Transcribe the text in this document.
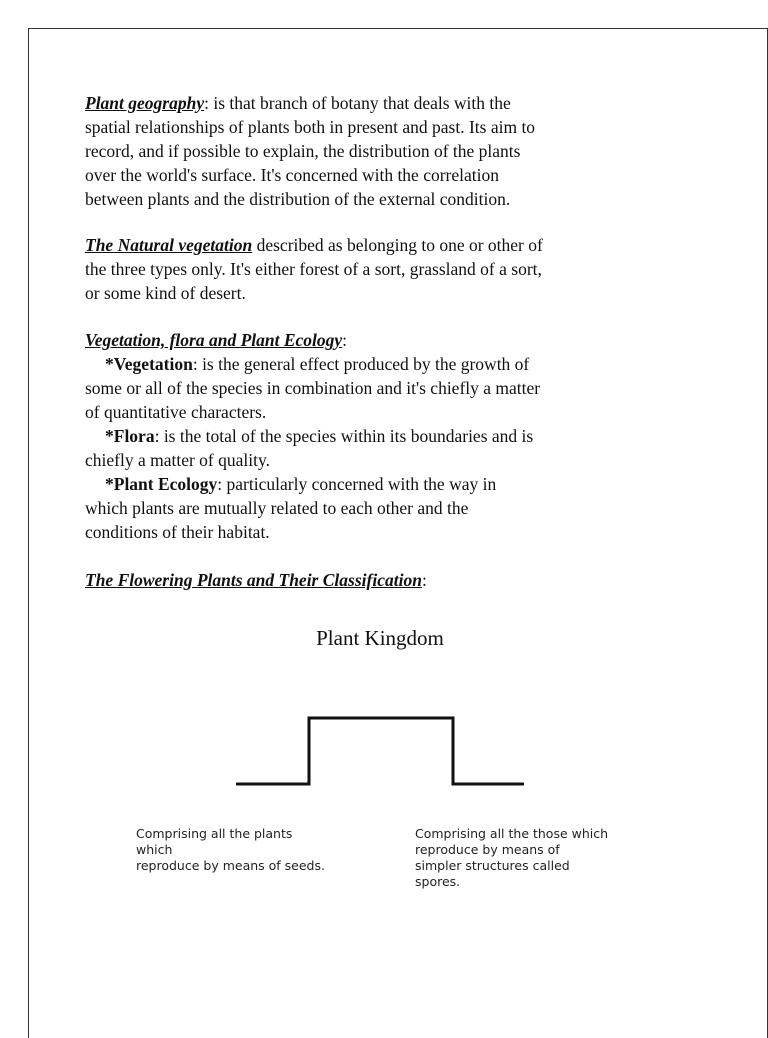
Plant geography: is that branch of botany that deals with the
spatial relationships of plants both in present and past. Its aim to
record, and if possible to explain, the distribution of the plants
over the world's surface. It's concerned with the correlation
between plants and the distribution of the external condition.

The Natural vegetation described as belonging to one or other of
the three types only. It's either forest of a sort, grassland of a sort,
or some kind of desert.

Vegetation, flora and Plant Ecology:

*Vegetation: is the general effect produced by the growth of
some or all of the species in combination and it's chiefly a matter
of quantitative characters.

*Flora: is the total of the species within its boundaries and is
chiefly a matter of quality.

*Plant Ecology: particularly concerned with the way in
which plants are mutually related to each other and the
conditions of their habitat.

The Flowering Plants and Their Classification:

Plant Kingdom
Comprising all the plants
which
reproduce by means of seeds.
Comprising all the those which
reproduce by means of
simpler structures called
spores.
